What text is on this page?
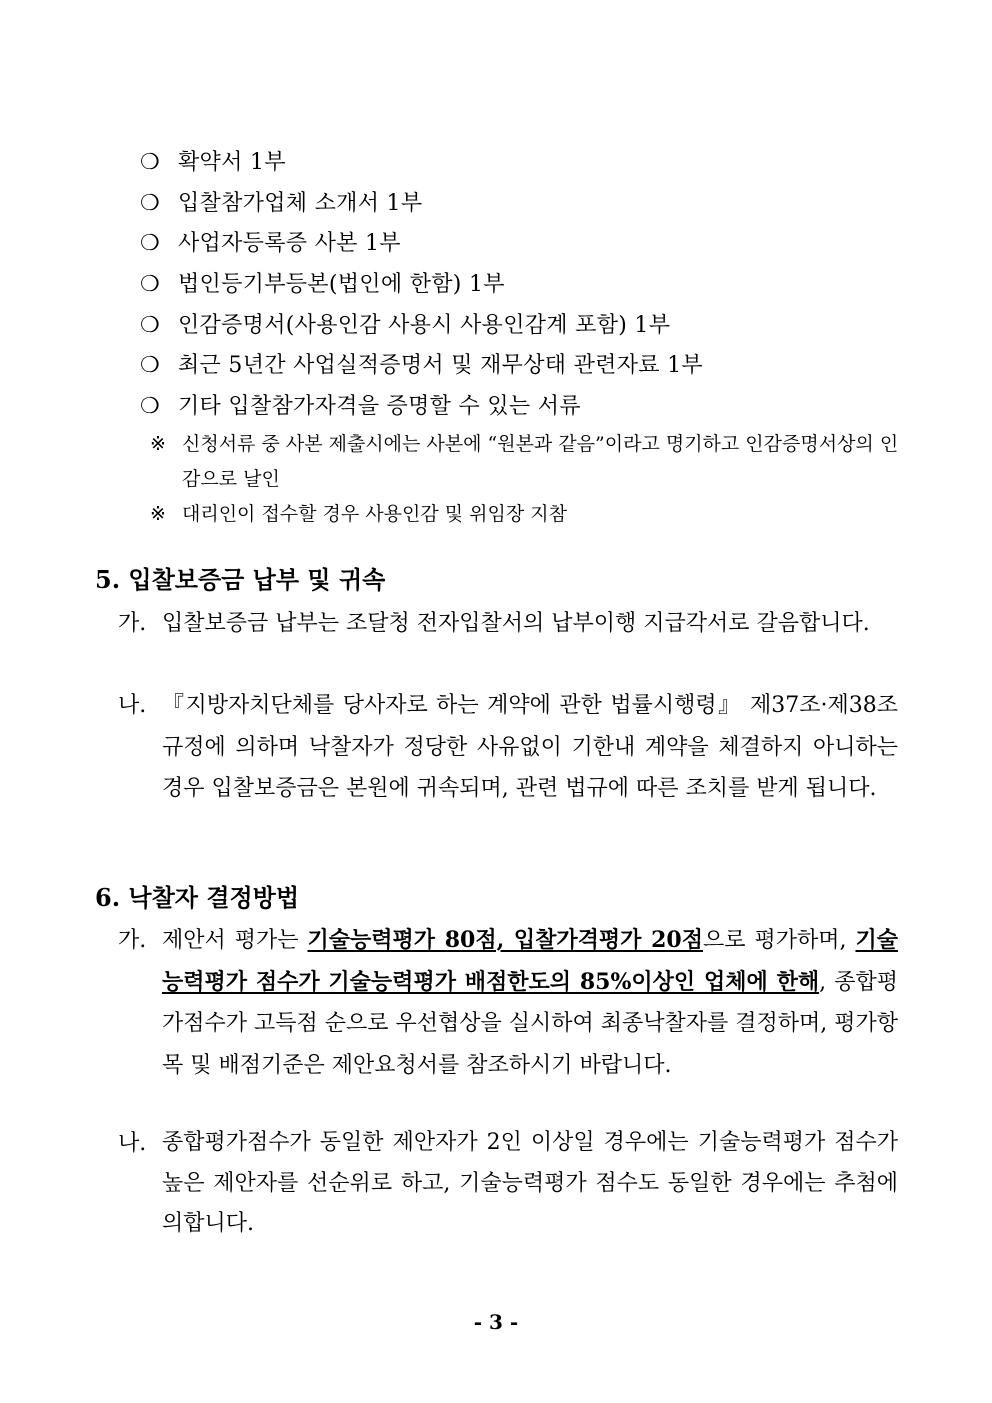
❍ 확약서 1부
❍ 입찰참가업체 소개서 1부
❍ 사업자등록증 사본 1부
❍ 법인등기부등본(법인에 한함) 1부
❍ 인감증명서(사용인감 사용시 사용인감계 포함) 1부
❍ 최근 5년간 사업실적증명서 및 재무상태 관련자료 1부
❍ 기타 입찰참가자격을 증명할 수 있는 서류
※ 신청서류 중 사본 제출시에는 사본에 “원본과 같음”이라고 명기하고 인감증명서상의 인감으로 날인
※ 대리인이 접수할 경우 사용인감 및 위임장 지참
5. 입찰보증금 납부 및 귀속
가. 입찰보증금 납부는 조달청 전자입찰서의 납부이행 지급각서로 갈음합니다.
나. 『지방자치단체를 당사자로 하는 계약에 관한 법률시행령』 제37조·제38조 규정에 의하며 낙찰자가 정당한 사유없이 기한내 계약을 체결하지 아니하는 경우 입찰보증금은 본원에 귀속되며, 관련 법규에 따른 조치를 받게 됩니다.
6. 낙찰자 결정방법
가. 제안서 평가는 기술능력평가 80점, 입찰가격평가 20점으로 평가하며, 기술능력평가 점수가 기술능력평가 배점한도의 85%이상인 업체에 한해, 종합평가점수가 고득점 순으로 우선협상을 실시하여 최종낙찰자를 결정하며, 평가항목 및 배점기준은 제안요청서를 참조하시기 바랍니다.
나. 종합평가점수가 동일한 제안자가 2인 이상일 경우에는 기술능력평가 점수가 높은 제안자를 선순위로 하고, 기술능력평가 점수도 동일한 경우에는 추첨에 의합니다.
- 3 -
